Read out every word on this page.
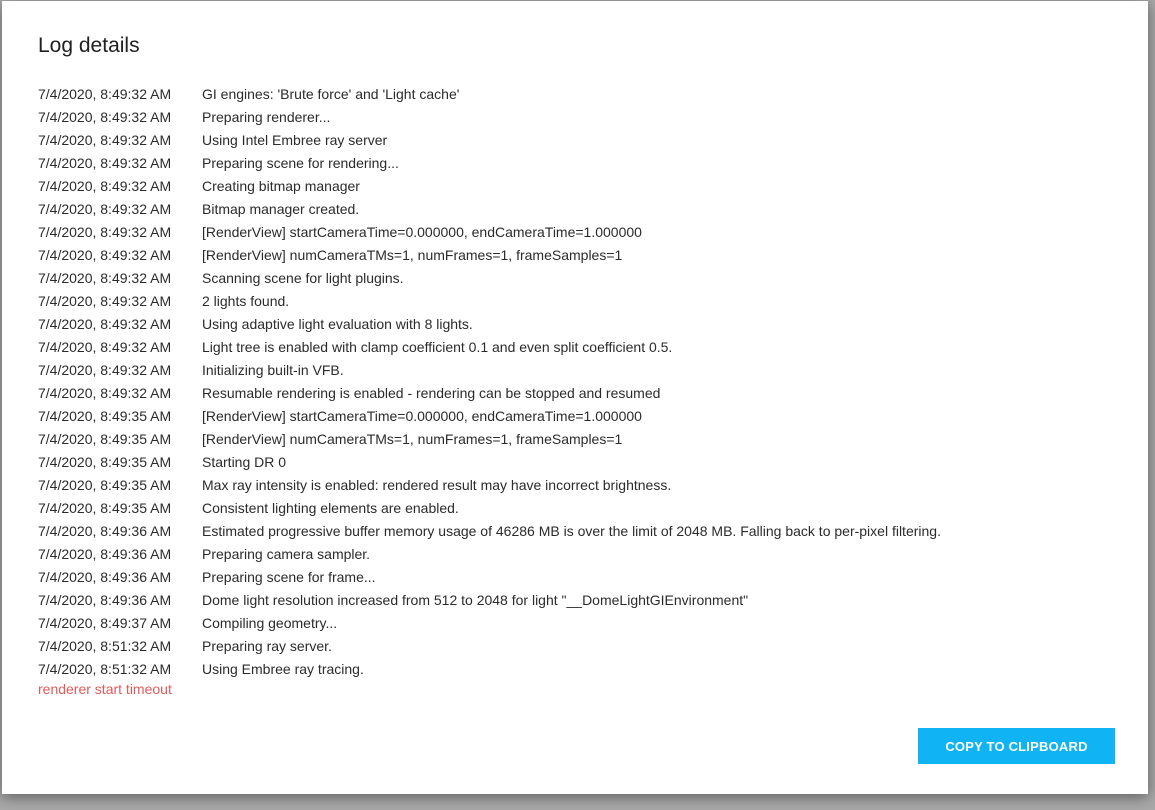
Log details
7/4/2020, 8:49:32 AM	GI engines: 'Brute force' and 'Light cache'
7/4/2020, 8:49:32 AM	Preparing renderer...
7/4/2020, 8:49:32 AM	Using Intel Embree ray server
7/4/2020, 8:49:32 AM	Preparing scene for rendering...
7/4/2020, 8:49:32 AM	Creating bitmap manager
7/4/2020, 8:49:32 AM	Bitmap manager created.
7/4/2020, 8:49:32 AM	[RenderView] startCameraTime=0.000000, endCameraTime=1.000000
7/4/2020, 8:49:32 AM	[RenderView] numCameraTMs=1, numFrames=1, frameSamples=1
7/4/2020, 8:49:32 AM	Scanning scene for light plugins.
7/4/2020, 8:49:32 AM	2 lights found.
7/4/2020, 8:49:32 AM	Using adaptive light evaluation with 8 lights.
7/4/2020, 8:49:32 AM	Light tree is enabled with clamp coefficient 0.1 and even split coefficient 0.5.
7/4/2020, 8:49:32 AM	Initializing built-in VFB.
7/4/2020, 8:49:32 AM	Resumable rendering is enabled - rendering can be stopped and resumed
7/4/2020, 8:49:35 AM	[RenderView] startCameraTime=0.000000, endCameraTime=1.000000
7/4/2020, 8:49:35 AM	[RenderView] numCameraTMs=1, numFrames=1, frameSamples=1
7/4/2020, 8:49:35 AM	Starting DR 0
7/4/2020, 8:49:35 AM	Max ray intensity is enabled: rendered result may have incorrect brightness.
7/4/2020, 8:49:35 AM	Consistent lighting elements are enabled.
7/4/2020, 8:49:36 AM	Estimated progressive buffer memory usage of 46286 MB is over the limit of 2048 MB. Falling back to per-pixel filtering.
7/4/2020, 8:49:36 AM	Preparing camera sampler.
7/4/2020, 8:49:36 AM	Preparing scene for frame...
7/4/2020, 8:49:36 AM	Dome light resolution increased from 512 to 2048 for light "__DomeLightGIEnvironment"
7/4/2020, 8:49:37 AM	Compiling geometry...
7/4/2020, 8:51:32 AM	Preparing ray server.
7/4/2020, 8:51:32 AM	Using Embree ray tracing.
renderer start timeout
COPY TO CLIPBOARD
